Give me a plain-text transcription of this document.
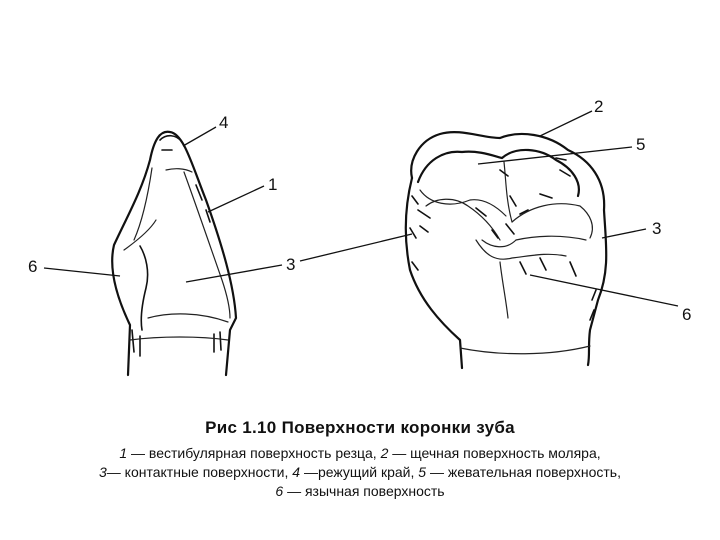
4
1
6	3
2
5
3
6
Рис 1.10 Поверхности коронки зуба
1 — вестибулярная поверхность резца, 2 — щечная поверхность моляра,
3— контактные поверхности, 4 —режущий край, 5 — жевательная поверхность,
6 — язычная поверхность
